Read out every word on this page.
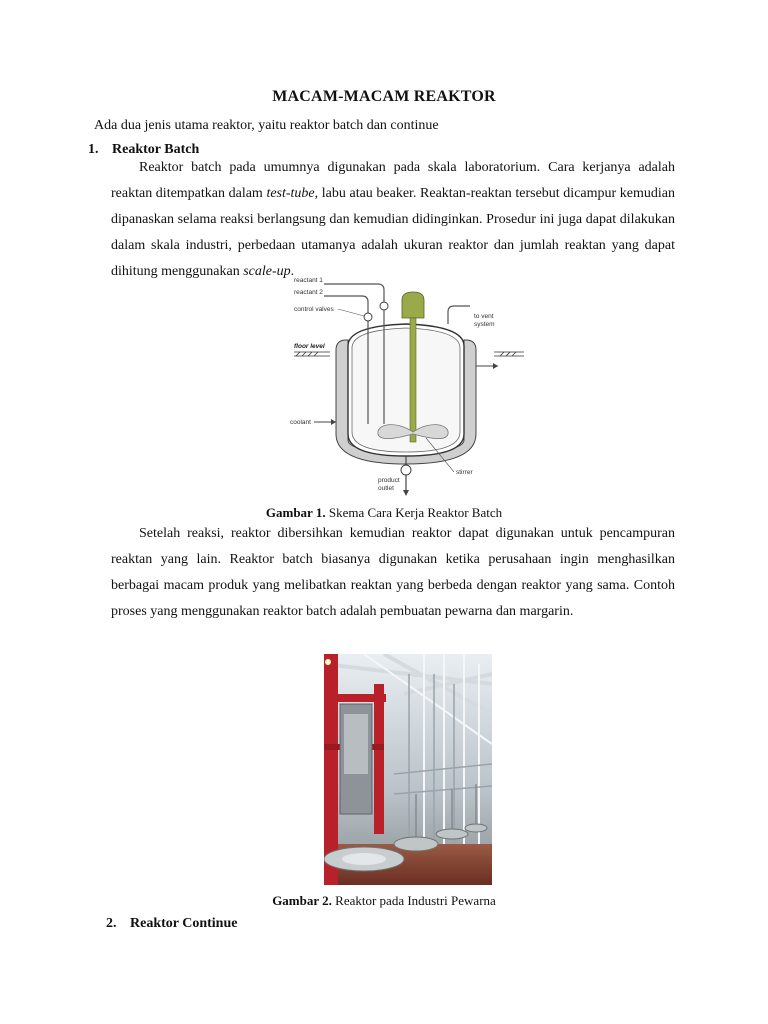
MACAM-MACAM REAKTOR
Ada dua jenis utama reaktor, yaitu reaktor batch dan continue
1. Reaktor Batch
Reaktor batch pada umumnya digunakan pada skala laboratorium. Cara kerjanya adalah reaktan ditempatkan dalam test-tube, labu atau beaker. Reaktan-reaktan tersebut dicampur kemudian dipanaskan selama reaksi berlangsung dan kemudian didinginkan. Prosedur ini juga dapat dilakukan dalam skala industri, perbedaan utamanya adalah ukuran reaktor dan jumlah reaktan yang dapat dihitung menggunakan scale-up.
floor level
reactant 1
reactant 2
control valves
to vent
system
stirrer
coolant
product
outlet
Gambar 1. Skema Cara Kerja Reaktor Batch
Setelah reaksi, reaktor dibersihkan kemudian reaktor dapat digunakan untuk pencampuran reaktan yang lain. Reaktor batch biasanya digunakan ketika perusahaan ingin menghasilkan berbagai macam produk yang melibatkan reaktan yang berbeda dengan reaktor yang sama. Contoh proses yang menggunakan reaktor batch adalah pembuatan pewarna dan margarin.
Gambar 2. Reaktor pada Industri Pewarna
2. Reaktor Continue
